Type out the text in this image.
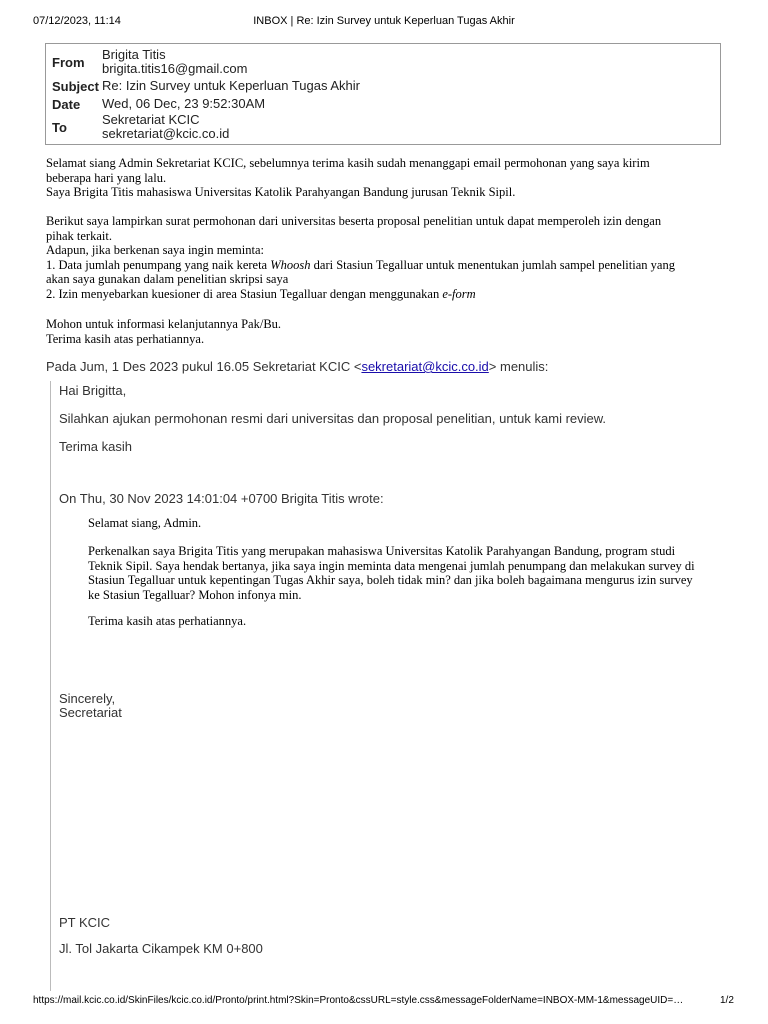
07/12/2023, 11:14	INBOX | Re: Izin Survey untuk Keperluan Tugas Akhir
From
Brigita Titis
brigita.titis16@gmail.com
Subject Re: Izin Survey untuk Keperluan Tugas Akhir
Date Wed, 06 Dec, 23 9:52:30AM
To
Sekretariat KCIC
sekretariat@kcic.co.id

Selamat siang Admin Sekretariat KCIC, sebelumnya terima kasih sudah menanggapi email permohonan yang saya kirim

beberapa hari yang lalu.

Saya Brigita Titis mahasiswa Universitas Katolik Parahyangan Bandung jurusan Teknik Sipil.

Berikut saya lampirkan surat permohonan dari universitas beserta proposal penelitian untuk dapat memperoleh izin dengan

pihak terkait.

Adapun, jika berkenan saya ingin meminta:

1. Data jumlah penumpang yang naik kereta Whoosh dari Stasiun Tegalluar untuk menentukan jumlah sampel penelitian yang

akan saya gunakan dalam penelitian skripsi saya

2. Izin menyebarkan kuesioner di area Stasiun Tegalluar dengan menggunakan e-form

Mohon untuk informasi kelanjutannya Pak/Bu.

Terima kasih atas perhatiannya.

Pada Jum, 1 Des 2023 pukul 16.05 Sekretariat KCIC <sekretariat@kcic.co.id> menulis:
Hai Brigitta,
Silahkan ajukan permohonan resmi dari universitas dan proposal penelitian, untuk kami review.
Terima kasih
On Thu, 30 Nov 2023 14:01:04 +0700 Brigita Titis wrote:
Selamat siang, Admin.

Perkenalkan saya Brigita Titis yang merupakan mahasiswa Universitas Katolik Parahyangan Bandung, program studi

Teknik Sipil. Saya hendak bertanya, jika saya ingin meminta data mengenai jumlah penumpang dan melakukan survey di

Stasiun Tegalluar untuk kepentingan Tugas Akhir saya, boleh tidak min? dan jika boleh bagaimana mengurus izin survey

ke Stasiun Tegalluar? Mohon infonya min.

Terima kasih atas perhatiannya.
Sincerely,
Secretariat
PT KCIC
Jl. Tol Jakarta Cikampek KM 0+800
https://mail.kcic.co.id/SkinFiles/kcic.co.id/Pronto/print.html?Skin=Pronto&cssURL=style.css&messageFolderName=INBOX-MM-1&messageUID=…	1/2
